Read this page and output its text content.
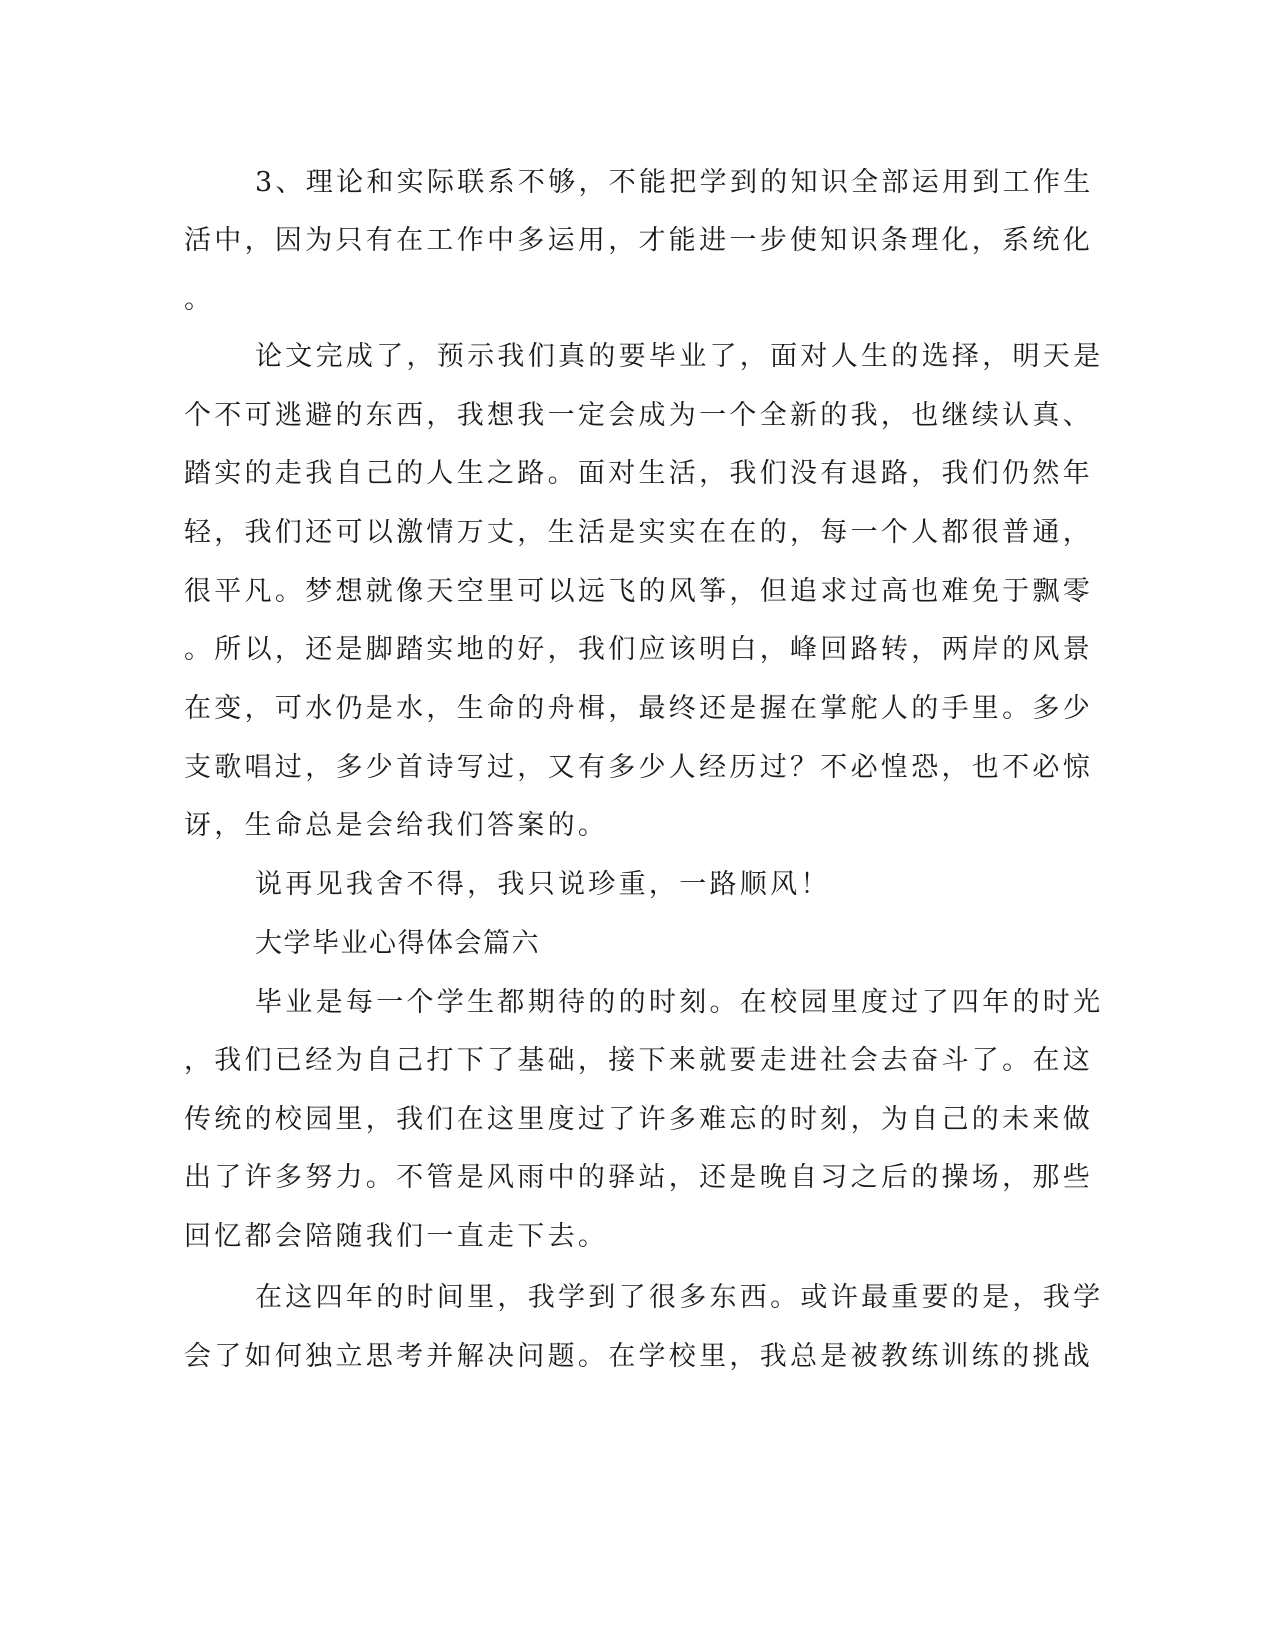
3、理论和实际联系不够，不能把学到的知识全部运用到工作生
活中，因为只有在工作中多运用，才能进一步使知识条理化，系统化
。
论文完成了，预示我们真的要毕业了，面对人生的选择，明天是
个不可逃避的东西，我想我一定会成为一个全新的我，也继续认真、
踏实的走我自己的人生之路。面对生活，我们没有退路，我们仍然年
轻，我们还可以激情万丈，生活是实实在在的，每一个人都很普通，
很平凡。梦想就像天空里可以远飞的风筝，但追求过高也难免于飘零
。所以，还是脚踏实地的好，我们应该明白，峰回路转，两岸的风景
在变，可水仍是水，生命的舟楫，最终还是握在掌舵人的手里。多少
支歌唱过，多少首诗写过，又有多少人经历过？不必惶恐，也不必惊
讶，生命总是会给我们答案的。
说再见我舍不得，我只说珍重，一路顺风！
大学毕业心得体会篇六
毕业是每一个学生都期待的的时刻。在校园里度过了四年的时光
，我们已经为自己打下了基础，接下来就要走进社会去奋斗了。在这
传统的校园里，我们在这里度过了许多难忘的时刻，为自己的未来做
出了许多努力。不管是风雨中的驿站，还是晚自习之后的操场，那些
回忆都会陪随我们一直走下去。
在这四年的时间里，我学到了很多东西。或许最重要的是，我学
会了如何独立思考并解决问题。在学校里，我总是被教练训练的挑战
